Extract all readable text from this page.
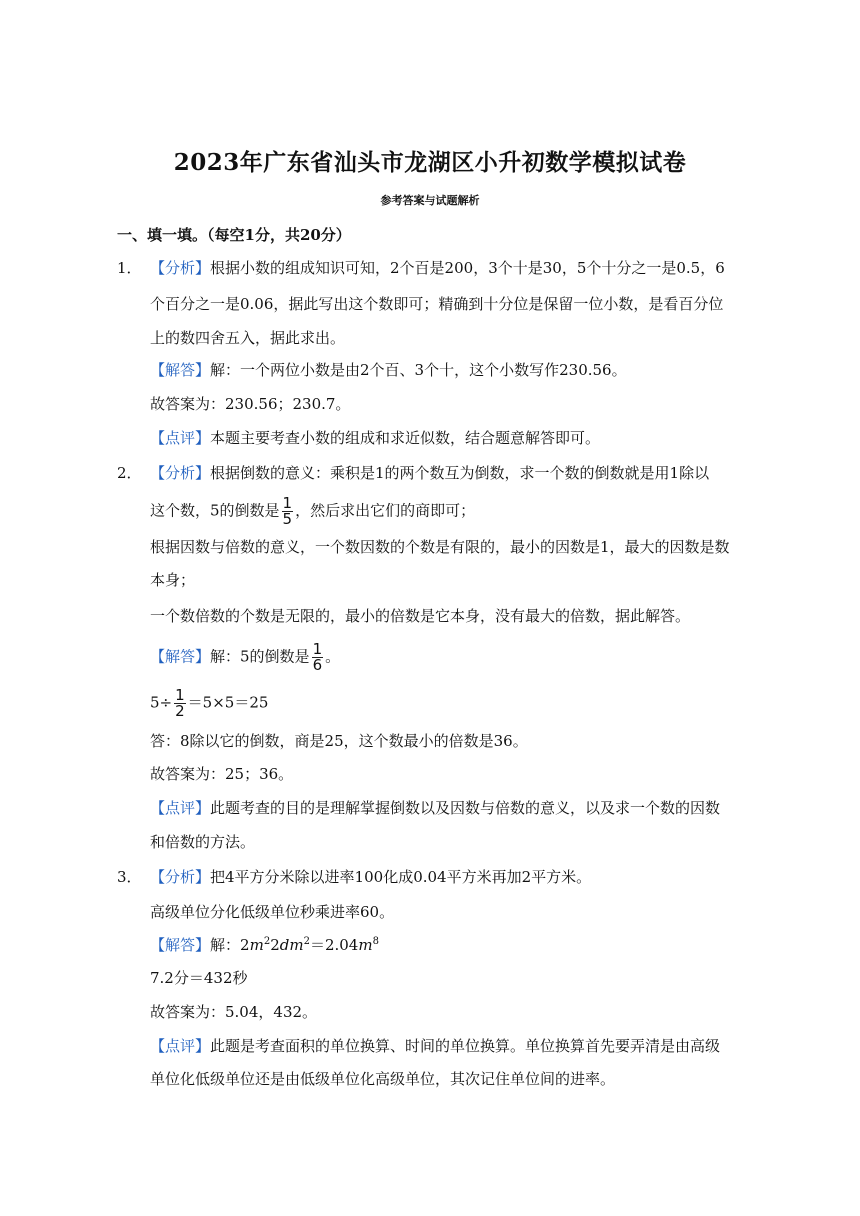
2023年广东省汕头市龙湖区小升初数学模拟试卷
参考答案与试题解析
一、填一填。（每空1分，共20分）
1． 【分析】根据小数的组成知识可知，2个百是200，3个十是30，5个十分之一是0.5，6
个百分之一是0.06，据此写出这个数即可；精确到十分位是保留一位小数，是看百分位
上的数四舍五入，据此求出。
【解答】解：一个两位小数是由2个百、3个十，这个小数写作230.56。
故答案为：230.56；230.7。
【点评】本题主要考查小数的组成和求近似数，结合题意解答即可。
2． 【分析】根据倒数的意义：乘积是1的两个数互为倒数，求一个数的倒数就是用1除以
这个数，5的倒数是 $\frac{1}{5}$ ，然后求出它们的商即可；
根据因数与倍数的意义，一个数因数的个数是有限的，最小的因数是1，最大的因数是数
本身；
一个数倍数的个数是无限的，最小的倍数是它本身，没有最大的倍数，据此解答。
【解答】解：5的倒数是 $\frac{1}{6}$ 。
$5\div \frac{1}{2} =5\times 5=25$
答：8除以它的倒数，商是25，这个数最小的倍数是36。
故答案为：25；36。
【点评】此题考查的目的是理解掌握倒数以及因数与倍数的意义，以及求一个数的因数
和倍数的方法。
3． 【分析】把4平方分米除以进率100化成0.04平方米再加2平方米。
高级单位分化低级单位秒乘进率60。
【解答】解：$2m^22dm^2=2.04m^8$
7.2分＝432秒
故答案为：5.04，432。
【点评】此题是考查面积的单位换算、时间的单位换算。单位换算首先要弄清是由高级
单位化低级单位还是由低级单位化高级单位，其次记住单位间的进率。
